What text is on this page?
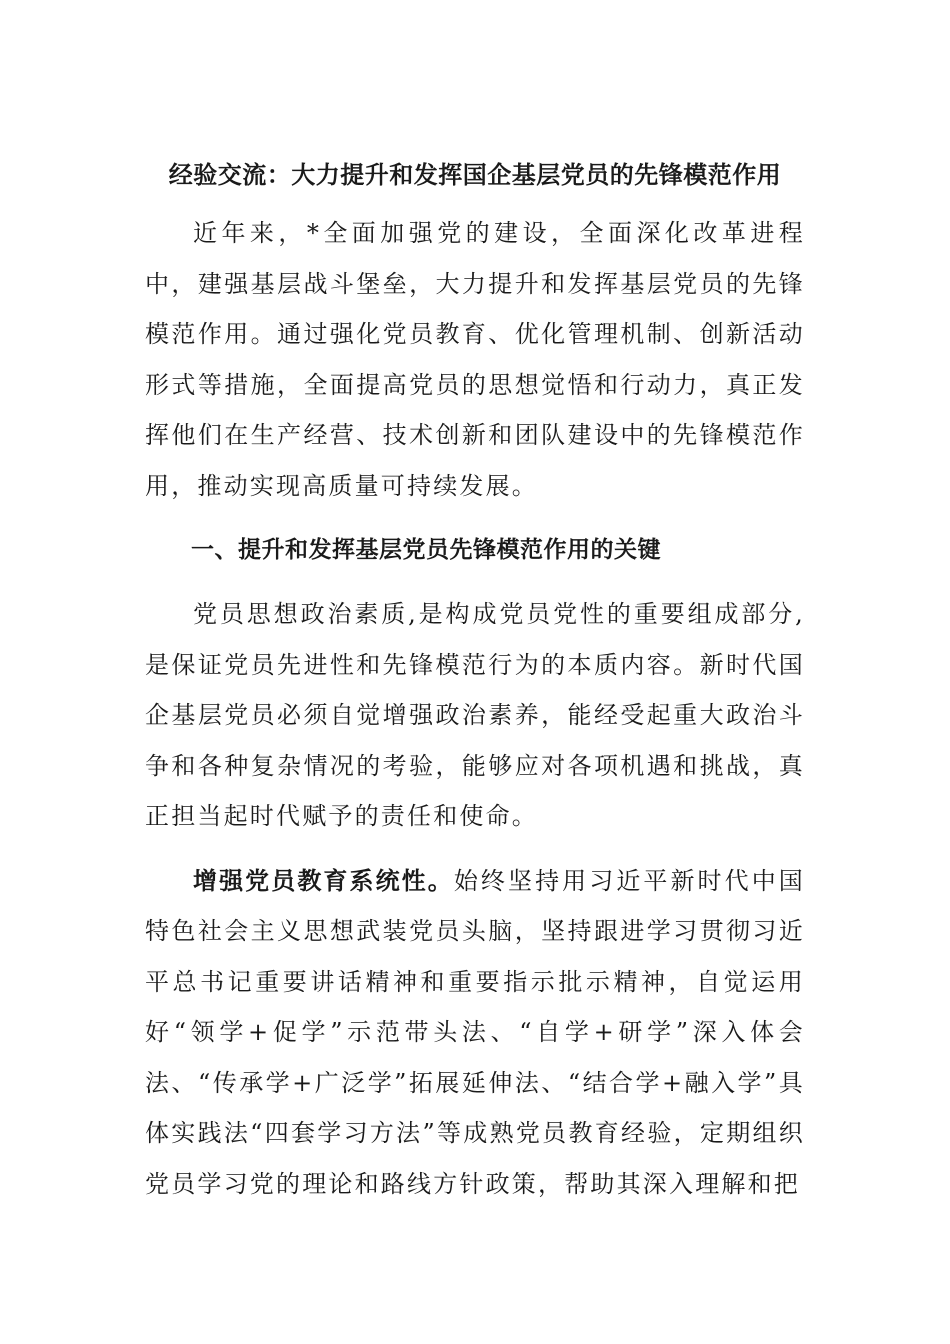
经验交流：大力提升和发挥国企基层党员的先锋模范作用

近年来，*全面加强党的建设，全面深化改革进程中，建强基层战斗堡垒，大力提升和发挥基层党员的先锋模范作用。通过强化党员教育、优化管理机制、创新活动形式等措施，全面提高党员的思想觉悟和行动力，真正发挥他们在生产经营、技术创新和团队建设中的先锋模范作用，推动实现高质量可持续发展。

一、提升和发挥基层党员先锋模范作用的关键

党员思想政治素质,是构成党员党性的重要组成部分,是保证党员先进性和先锋模范行为的本质内容。新时代国企基层党员必须自觉增强政治素养，能经受起重大政治斗争和各种复杂情况的考验，能够应对各项机遇和挑战，真正担当起时代赋予的责任和使命。

增强党员教育系统性。始终坚持用习近平新时代中国特色社会主义思想武装党员头脑，坚持跟进学习贯彻习近平总书记重要讲话精神和重要指示批示精神，自觉运用好“领学+促学”示范带头法、“自学+研学”深入体会法、“传承学+广泛学”拓展延伸法、“结合学+融入学”具体实践法“四套学习方法”等成熟党员教育经验，定期组织党员学习党的理论和路线方针政策，帮助其深入理解和把
